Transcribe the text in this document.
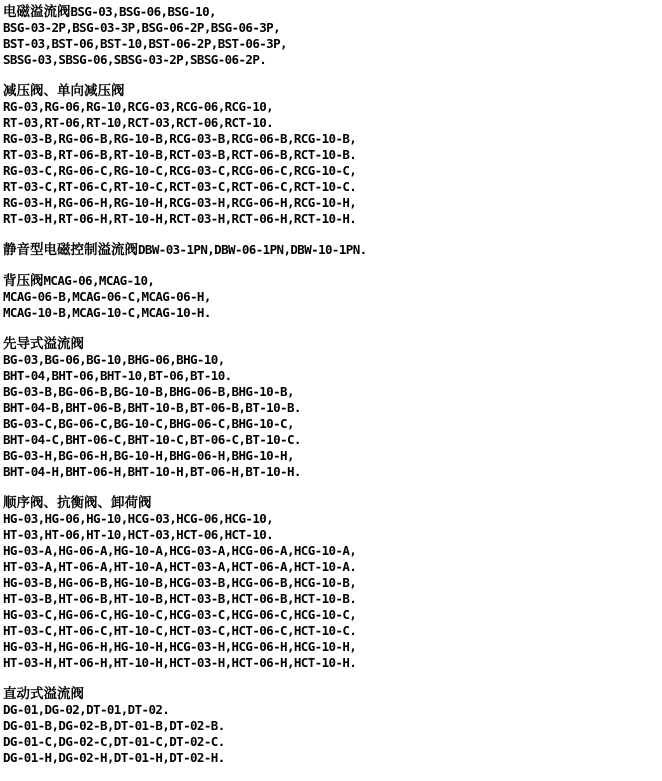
电磁溢流阀BSG-03,BSG-06,BSG-10,
BSG-03-2P,BSG-03-3P,BSG-06-2P,BSG-06-3P,
BST-03,BST-06,BST-10,BST-06-2P,BST-06-3P,
SBSG-03,SBSG-06,SBSG-03-2P,SBSG-06-2P.
减压阀、单向减压阀
RG-03,RG-06,RG-10,RCG-03,RCG-06,RCG-10,
RT-03,RT-06,RT-10,RCT-03,RCT-06,RCT-10.
RG-03-B,RG-06-B,RG-10-B,RCG-03-B,RCG-06-B,RCG-10-B,
RT-03-B,RT-06-B,RT-10-B,RCT-03-B,RCT-06-B,RCT-10-B.
RG-03-C,RG-06-C,RG-10-C,RCG-03-C,RCG-06-C,RCG-10-C,
RT-03-C,RT-06-C,RT-10-C,RCT-03-C,RCT-06-C,RCT-10-C.
RG-03-H,RG-06-H,RG-10-H,RCG-03-H,RCG-06-H,RCG-10-H,
RT-03-H,RT-06-H,RT-10-H,RCT-03-H,RCT-06-H,RCT-10-H.
静音型电磁控制溢流阀DBW-03-1PN,DBW-06-1PN,DBW-10-1PN.
背压阀MCAG-06,MCAG-10,
MCAG-06-B,MCAG-06-C,MCAG-06-H,
MCAG-10-B,MCAG-10-C,MCAG-10-H.
先导式溢流阀
BG-03,BG-06,BG-10,BHG-06,BHG-10,
BHT-04,BHT-06,BHT-10,BT-06,BT-10.
BG-03-B,BG-06-B,BG-10-B,BHG-06-B,BHG-10-B,
BHT-04-B,BHT-06-B,BHT-10-B,BT-06-B,BT-10-B.
BG-03-C,BG-06-C,BG-10-C,BHG-06-C,BHG-10-C,
BHT-04-C,BHT-06-C,BHT-10-C,BT-06-C,BT-10-C.
BG-03-H,BG-06-H,BG-10-H,BHG-06-H,BHG-10-H,
BHT-04-H,BHT-06-H,BHT-10-H,BT-06-H,BT-10-H.
顺序阀、抗衡阀、卸荷阀
HG-03,HG-06,HG-10,HCG-03,HCG-06,HCG-10,
HT-03,HT-06,HT-10,HCT-03,HCT-06,HCT-10.
HG-03-A,HG-06-A,HG-10-A,HCG-03-A,HCG-06-A,HCG-10-A,
HT-03-A,HT-06-A,HT-10-A,HCT-03-A,HCT-06-A,HCT-10-A.
HG-03-B,HG-06-B,HG-10-B,HCG-03-B,HCG-06-B,HCG-10-B,
HT-03-B,HT-06-B,HT-10-B,HCT-03-B,HCT-06-B,HCT-10-B.
HG-03-C,HG-06-C,HG-10-C,HCG-03-C,HCG-06-C,HCG-10-C,
HT-03-C,HT-06-C,HT-10-C,HCT-03-C,HCT-06-C,HCT-10-C.
HG-03-H,HG-06-H,HG-10-H,HCG-03-H,HCG-06-H,HCG-10-H,
HT-03-H,HT-06-H,HT-10-H,HCT-03-H,HCT-06-H,HCT-10-H.
直动式溢流阀
DG-01,DG-02,DT-01,DT-02.
DG-01-B,DG-02-B,DT-01-B,DT-02-B.
DG-01-C,DG-02-C,DT-01-C,DT-02-C.
DG-01-H,DG-02-H,DT-01-H,DT-02-H.
